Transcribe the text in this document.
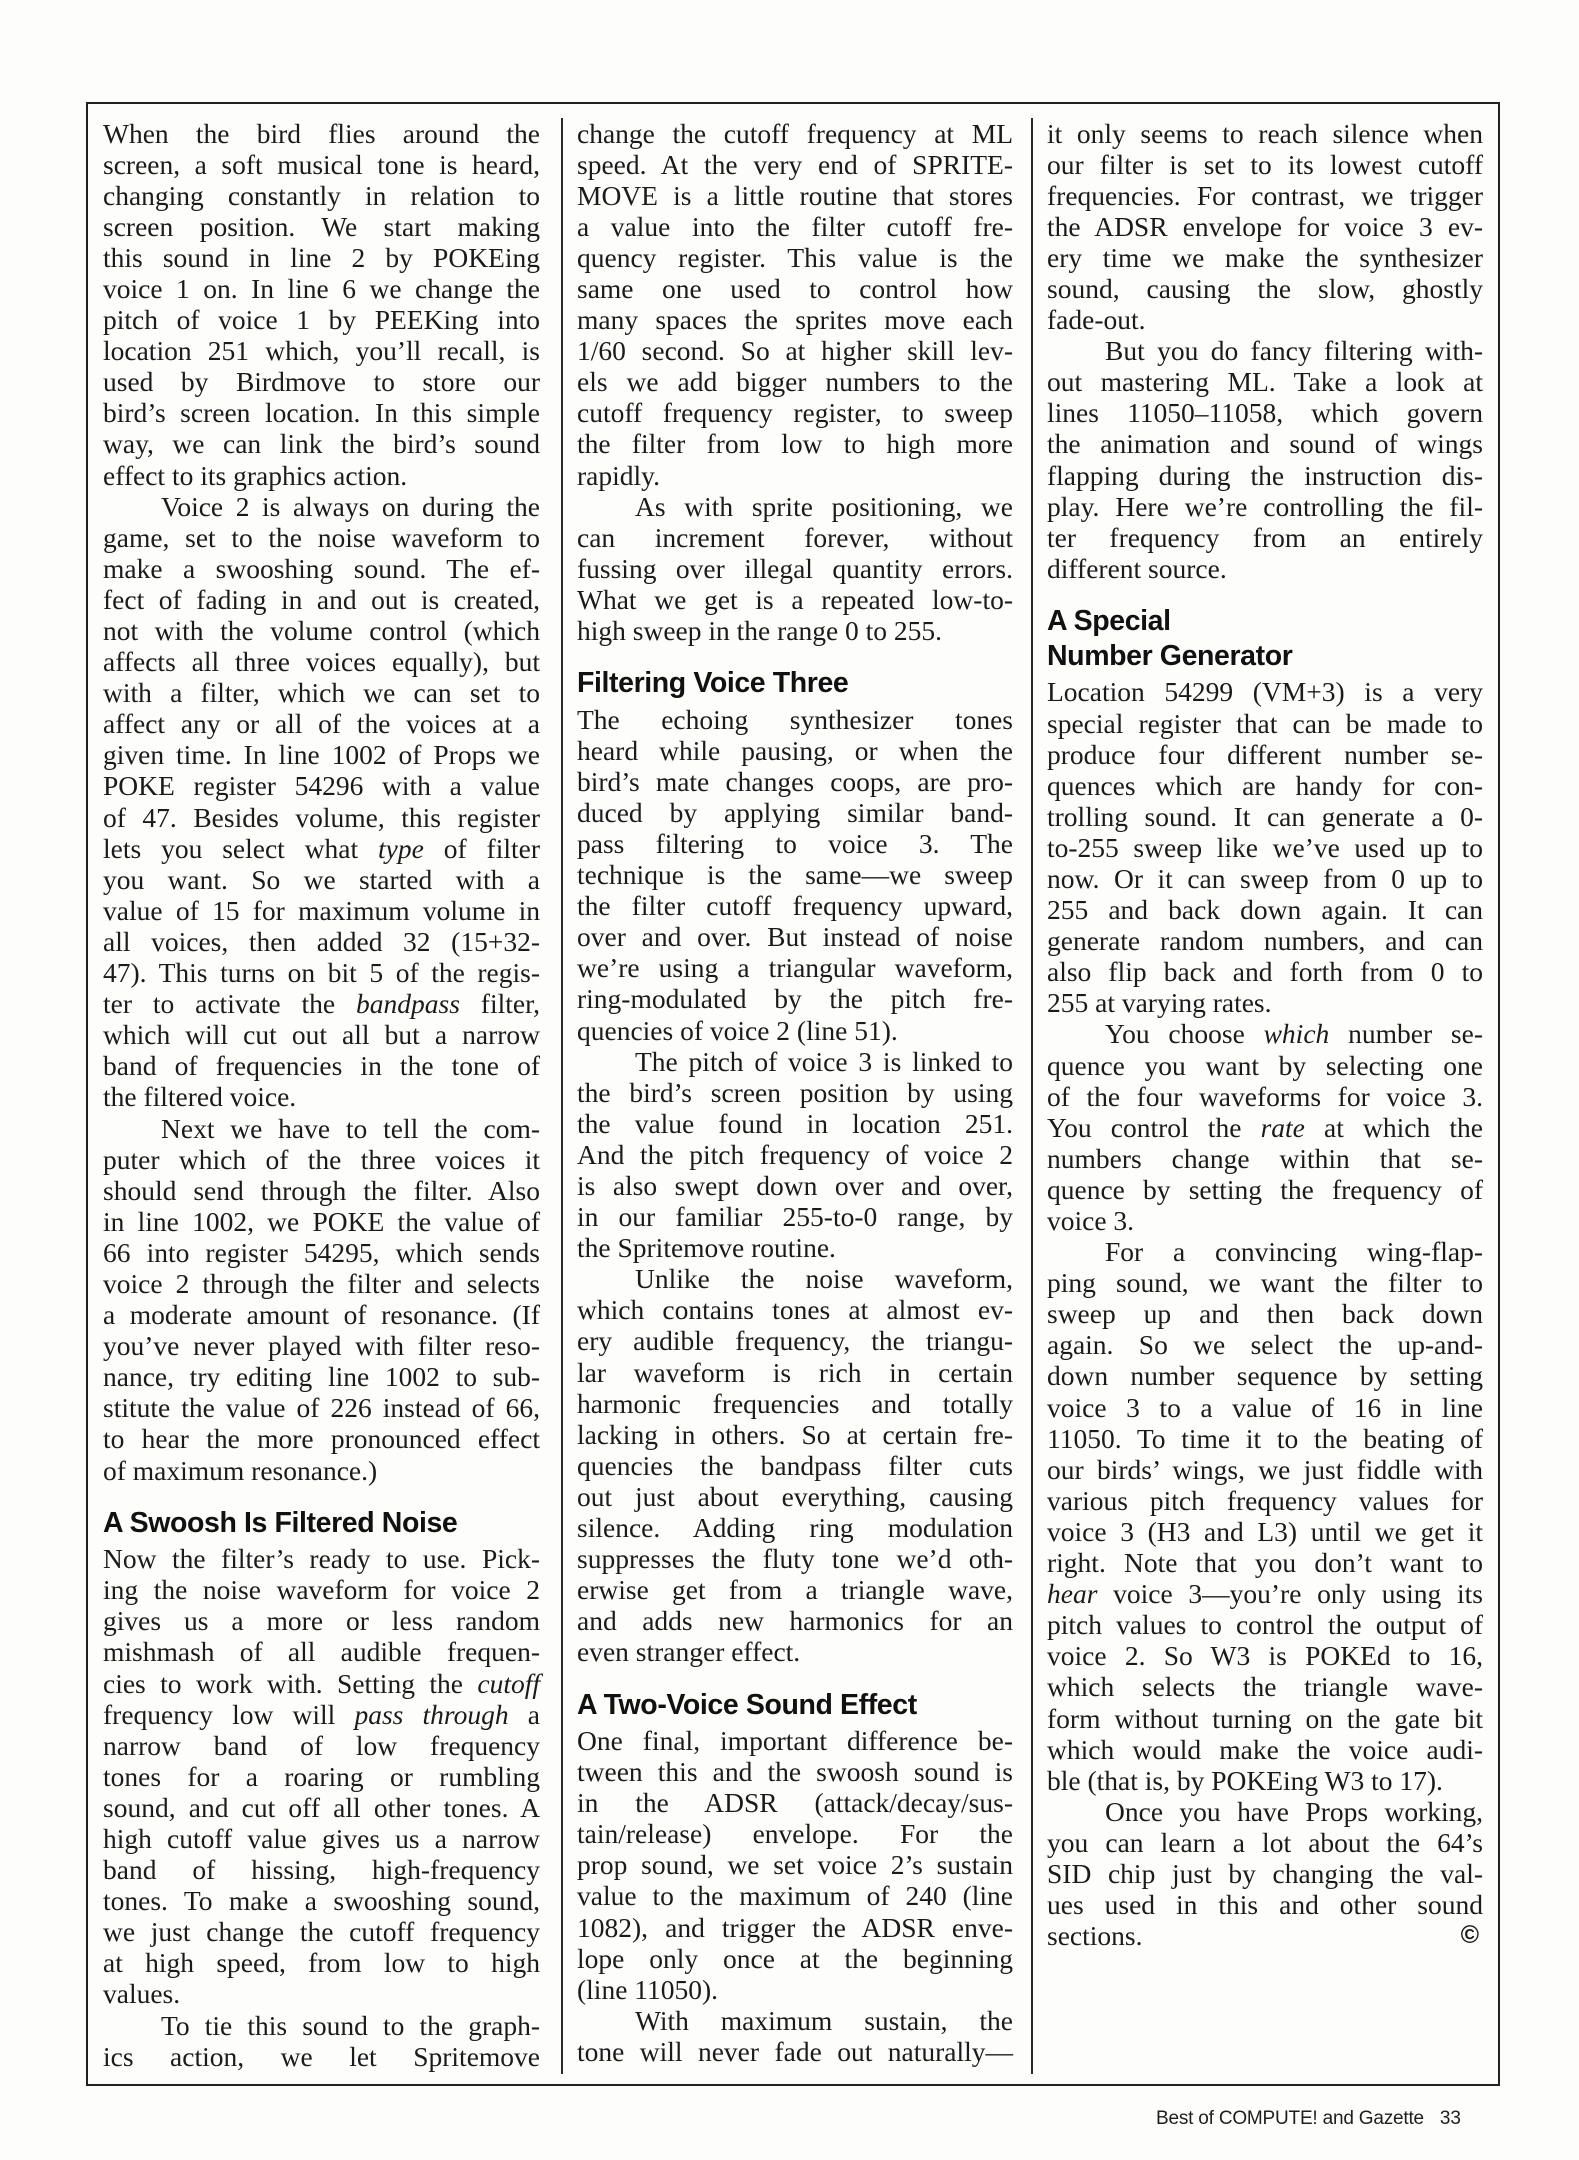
When the bird flies around the
screen, a soft musical tone is heard,
changing constantly in relation to
screen position. We start making
this sound in line 2 by POKEing
voice 1 on. In line 6 we change the
pitch of voice 1 by PEEKing into
location 251 which, you’ll recall, is
used by Birdmove to store our
bird’s screen location. In this simple
way, we can link the bird’s sound
effect to its graphics action.
Voice 2 is always on during the
game, set to the noise waveform to
make a swooshing sound. The ef-
fect of fading in and out is created,
not with the volume control (which
affects all three voices equally), but
with a filter, which we can set to
affect any or all of the voices at a
given time. In line 1002 of Props we
POKE register 54296 with a value
of 47. Besides volume, this register
lets you select what type of filter
you want. So we started with a
value of 15 for maximum volume in
all voices, then added 32 (15+32-
47). This turns on bit 5 of the regis-
ter to activate the bandpass filter,
which will cut out all but a narrow
band of frequencies in the tone of
the filtered voice.
Next we have to tell the com-
puter which of the three voices it
should send through the filter. Also
in line 1002, we POKE the value of
66 into register 54295, which sends
voice 2 through the filter and selects
a moderate amount of resonance. (If
you’ve never played with filter reso-
nance, try editing line 1002 to sub-
stitute the value of 226 instead of 66,
to hear the more pronounced effect
of maximum resonance.)
A Swoosh Is Filtered Noise
Now the filter’s ready to use. Pick-
ing the noise waveform for voice 2
gives us a more or less random
mishmash of all audible frequen-
cies to work with. Setting the cutoff
frequency low will pass through a
narrow band of low frequency
tones for a roaring or rumbling
sound, and cut off all other tones. A
high cutoff value gives us a narrow
band of hissing, high-frequency
tones. To make a swooshing sound,
we just change the cutoff frequency
at high speed, from low to high
values.
To tie this sound to the graph-
ics action, we let Spritemove
change the cutoff frequency at ML
speed. At the very end of SPRITE-
MOVE is a little routine that stores
a value into the filter cutoff fre-
quency register. This value is the
same one used to control how
many spaces the sprites move each
1/60 second. So at higher skill lev-
els we add bigger numbers to the
cutoff frequency register, to sweep
the filter from low to high more
rapidly.
As with sprite positioning, we
can increment forever, without
fussing over illegal quantity errors.
What we get is a repeated low-to-
high sweep in the range 0 to 255.
Filtering Voice Three
The echoing synthesizer tones
heard while pausing, or when the
bird’s mate changes coops, are pro-
duced by applying similar band-
pass filtering to voice 3. The
technique is the same—we sweep
the filter cutoff frequency upward,
over and over. But instead of noise
we’re using a triangular waveform,
ring-modulated by the pitch fre-
quencies of voice 2 (line 51).
The pitch of voice 3 is linked to
the bird’s screen position by using
the value found in location 251.
And the pitch frequency of voice 2
is also swept down over and over,
in our familiar 255-to-0 range, by
the Spritemove routine.
Unlike the noise waveform,
which contains tones at almost ev-
ery audible frequency, the triangu-
lar waveform is rich in certain
harmonic frequencies and totally
lacking in others. So at certain fre-
quencies the bandpass filter cuts
out just about everything, causing
silence. Adding ring modulation
suppresses the fluty tone we’d oth-
erwise get from a triangle wave,
and adds new harmonics for an
even stranger effect.
A Two-Voice Sound Effect
One final, important difference be-
tween this and the swoosh sound is
in the ADSR (attack/decay/sus-
tain/release) envelope. For the
prop sound, we set voice 2’s sustain
value to the maximum of 240 (line
1082), and trigger the ADSR enve-
lope only once at the beginning
(line 11050).
With maximum sustain, the
tone will never fade out naturally—
it only seems to reach silence when
our filter is set to its lowest cutoff
frequencies. For contrast, we trigger
the ADSR envelope for voice 3 ev-
ery time we make the synthesizer
sound, causing the slow, ghostly
fade-out.
But you do fancy filtering with-
out mastering ML. Take a look at
lines 11050–11058, which govern
the animation and sound of wings
flapping during the instruction dis-
play. Here we’re controlling the fil-
ter frequency from an entirely
different source.
A Special
Number Generator
Location 54299 (VM+3) is a very
special register that can be made to
produce four different number se-
quences which are handy for con-
trolling sound. It can generate a 0-
to-255 sweep like we’ve used up to
now. Or it can sweep from 0 up to
255 and back down again. It can
generate random numbers, and can
also flip back and forth from 0 to
255 at varying rates.
You choose which number se-
quence you want by selecting one
of the four waveforms for voice 3.
You control the rate at which the
numbers change within that se-
quence by setting the frequency of
voice 3.
For a convincing wing-flap-
ping sound, we want the filter to
sweep up and then back down
again. So we select the up-and-
down number sequence by setting
voice 3 to a value of 16 in line
11050. To time it to the beating of
our birds’ wings, we just fiddle with
various pitch frequency values for
voice 3 (H3 and L3) until we get it
right. Note that you don’t want to
hear voice 3—you’re only using its
pitch values to control the output of
voice 2. So W3 is POKEd to 16,
which selects the triangle wave-
form without turning on the gate bit
which would make the voice audi-
ble (that is, by POKEing W3 to 17).
Once you have Props working,
you can learn a lot about the 64’s
SID chip just by changing the val-
ues used in this and other sound
sections.	©
Best of COMPUTE! and Gazette 33
